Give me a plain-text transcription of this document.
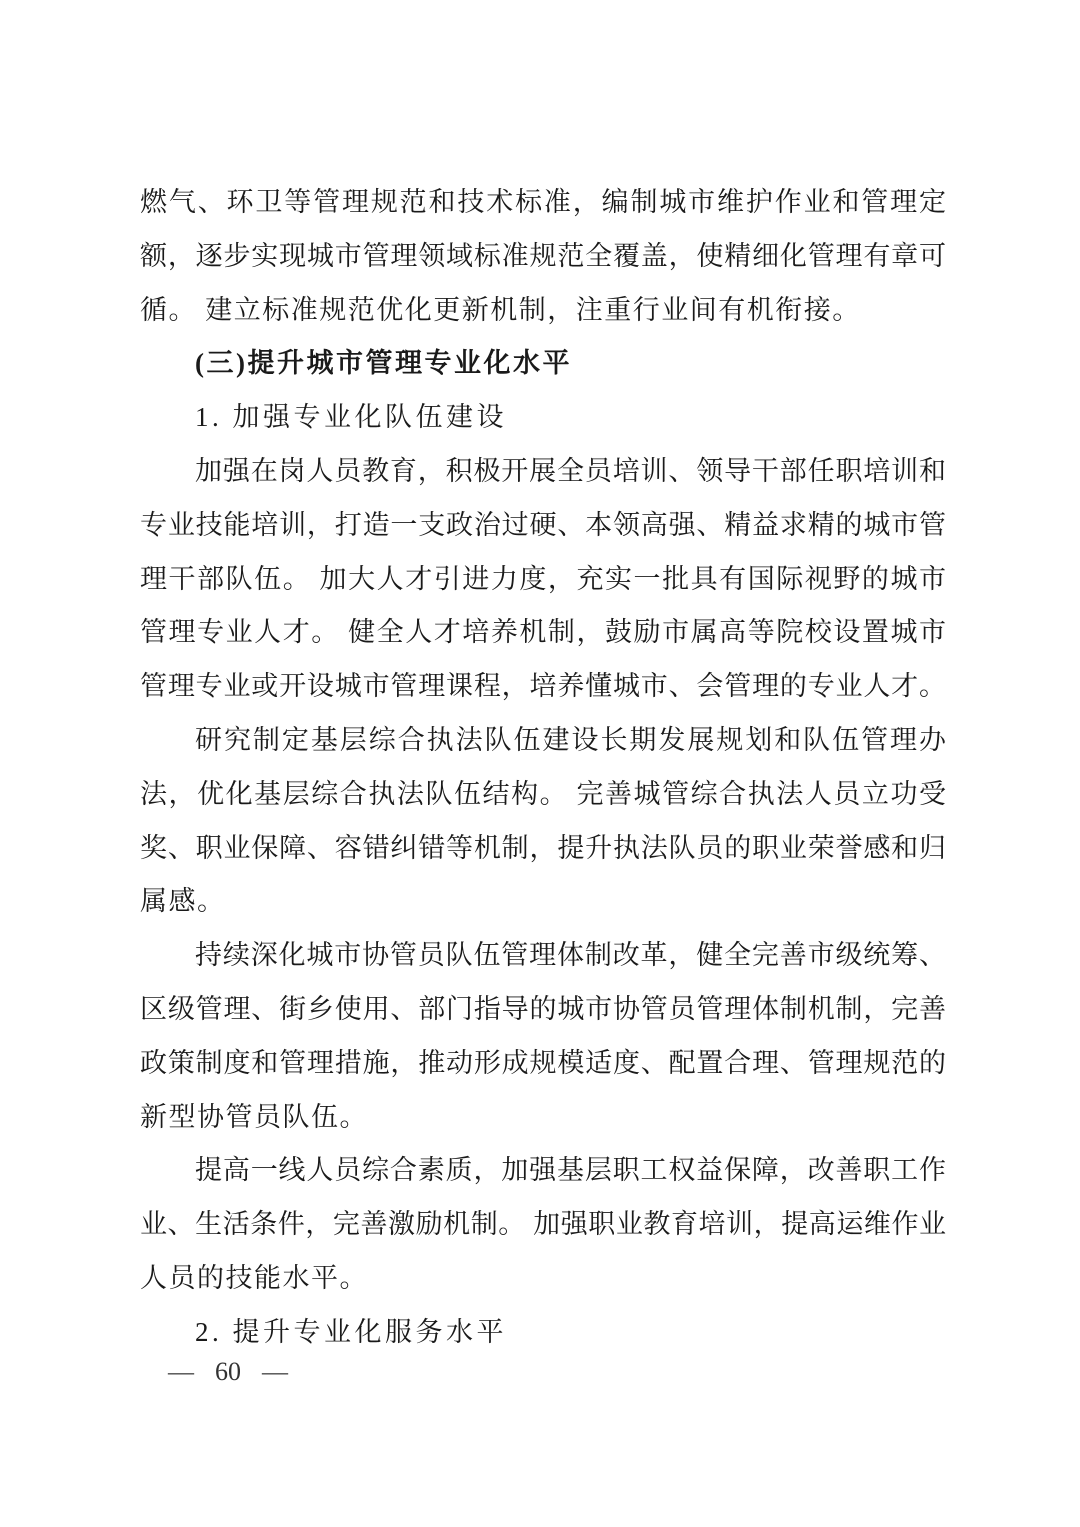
燃气、环卫等管理规范和技术标准，编制城市维护作业和管理定
额，逐步实现城市管理领域标准规范全覆盖，使精细化管理有章可
循。 建立标准规范优化更新机制，注重行业间有机衔接。
(三)提升城市管理专业化水平
1. 加强专业化队伍建设
加强在岗人员教育，积极开展全员培训、领导干部任职培训和
专业技能培训，打造一支政治过硬、本领高强、精益求精的城市管
理干部队伍。 加大人才引进力度，充实一批具有国际视野的城市
管理专业人才。 健全人才培养机制，鼓励市属高等院校设置城市
管理专业或开设城市管理课程，培养懂城市、会管理的专业人才。
研究制定基层综合执法队伍建设长期发展规划和队伍管理办
法，优化基层综合执法队伍结构。 完善城管综合执法人员立功受
奖、职业保障、容错纠错等机制，提升执法队员的职业荣誉感和归
属感。
持续深化城市协管员队伍管理体制改革，健全完善市级统筹、
区级管理、街乡使用、部门指导的城市协管员管理体制机制，完善
政策制度和管理措施，推动形成规模适度、配置合理、管理规范的
新型协管员队伍。
提高一线人员综合素质，加强基层职工权益保障，改善职工作
业、生活条件，完善激励机制。 加强职业教育培训，提高运维作业
人员的技能水平。
2. 提升专业化服务水平
— 60 —
